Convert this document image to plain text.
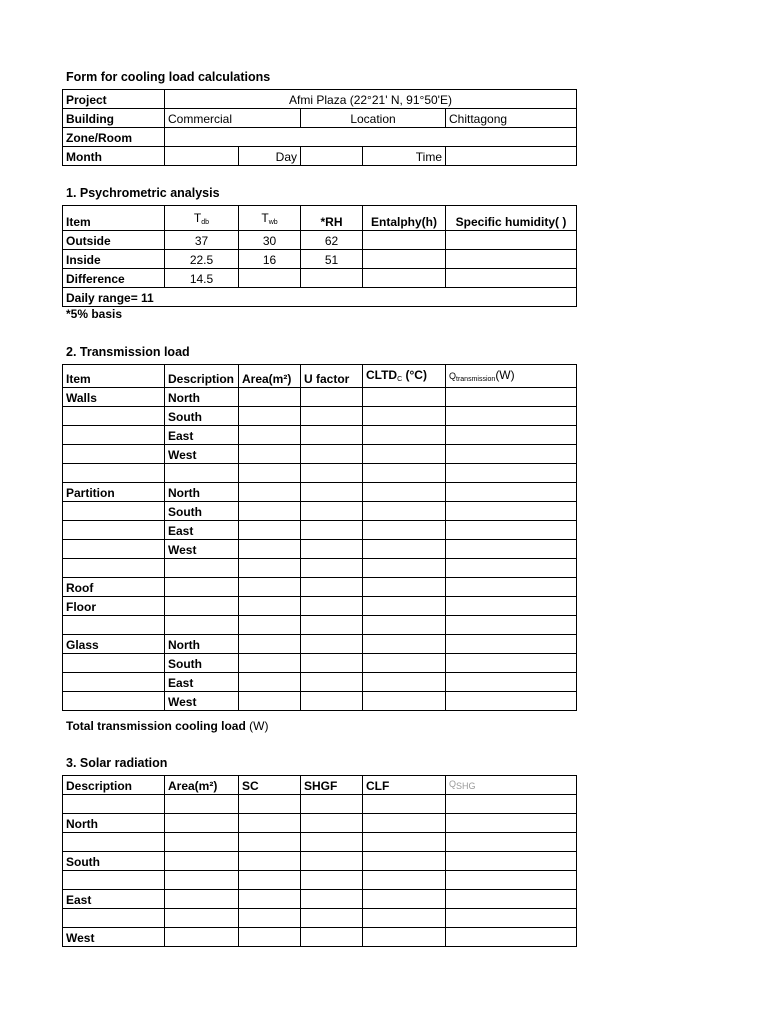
Form for cooling load calculations
Project	Afmi Plaza (22°21' N, 91°50'E)				
Building	Commercial		Location		Chittagong
Zone/Room					
Month		Day		Time	
1. Psychrometric analysis
Item	$T_{db}$	$T_{wb}$	*RH	Entalphy(h)	Specific humidity( )
Outside	37	30	62		
Inside	22.5	16	51		
Difference	14.5				
Daily range= 11					
*5% basis
2. Transmission load
Item	Description	Area(m²)	U factor	$CLTD_C$ (°C)	$Q_{transmission}(W)$
Walls	North				
	South				
	East				
	West				

Partition	North				
	South				
	East				
	West				

Roof					
Floor					

Glass	North				
	South				
	East				
	West				
Total transmission cooling load (W)
3. Solar radiation
Description	Area(m²)	SC	SHGF	CLF	$Q_{SHG}$

North					

South					

East					

West					
